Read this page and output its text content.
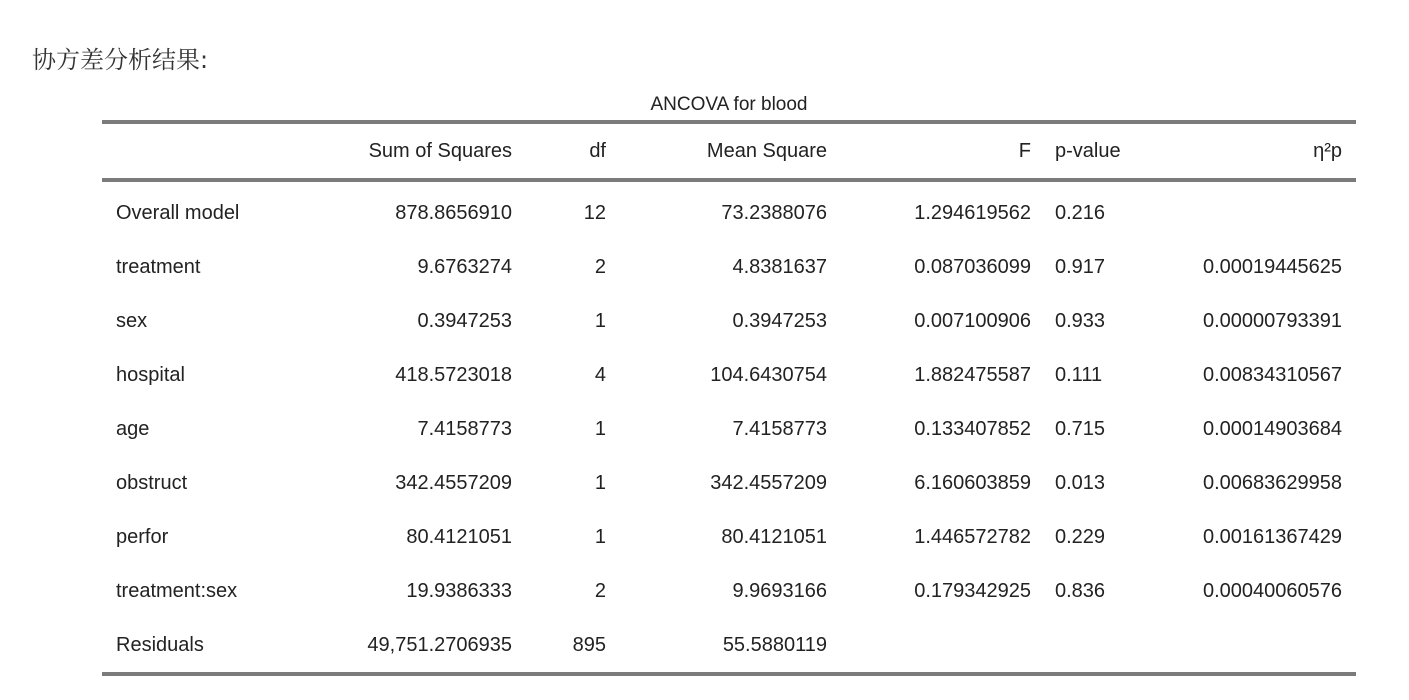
协方差分析结果:
ANCOVA for blood
	Sum of Squares	df	Mean Square	F	p-value	η²p
Overall model	878.8656910	12	73.2388076	1.294619562	0.216	
treatment	9.6763274	2	4.8381637	0.087036099	0.917	0.00019445625
sex	0.3947253	1	0.3947253	0.007100906	0.933	0.00000793391
hospital	418.5723018	4	104.6430754	1.882475587	0.111	0.00834310567
age	7.4158773	1	7.4158773	0.133407852	0.715	0.00014903684
obstruct	342.4557209	1	342.4557209	6.160603859	0.013	0.00683629958
perfor	80.4121051	1	80.4121051	1.446572782	0.229	0.00161367429
treatment:sex	19.9386333	2	9.9693166	0.179342925	0.836	0.00040060576
Residuals	49,751.2706935	895	55.5880119			
